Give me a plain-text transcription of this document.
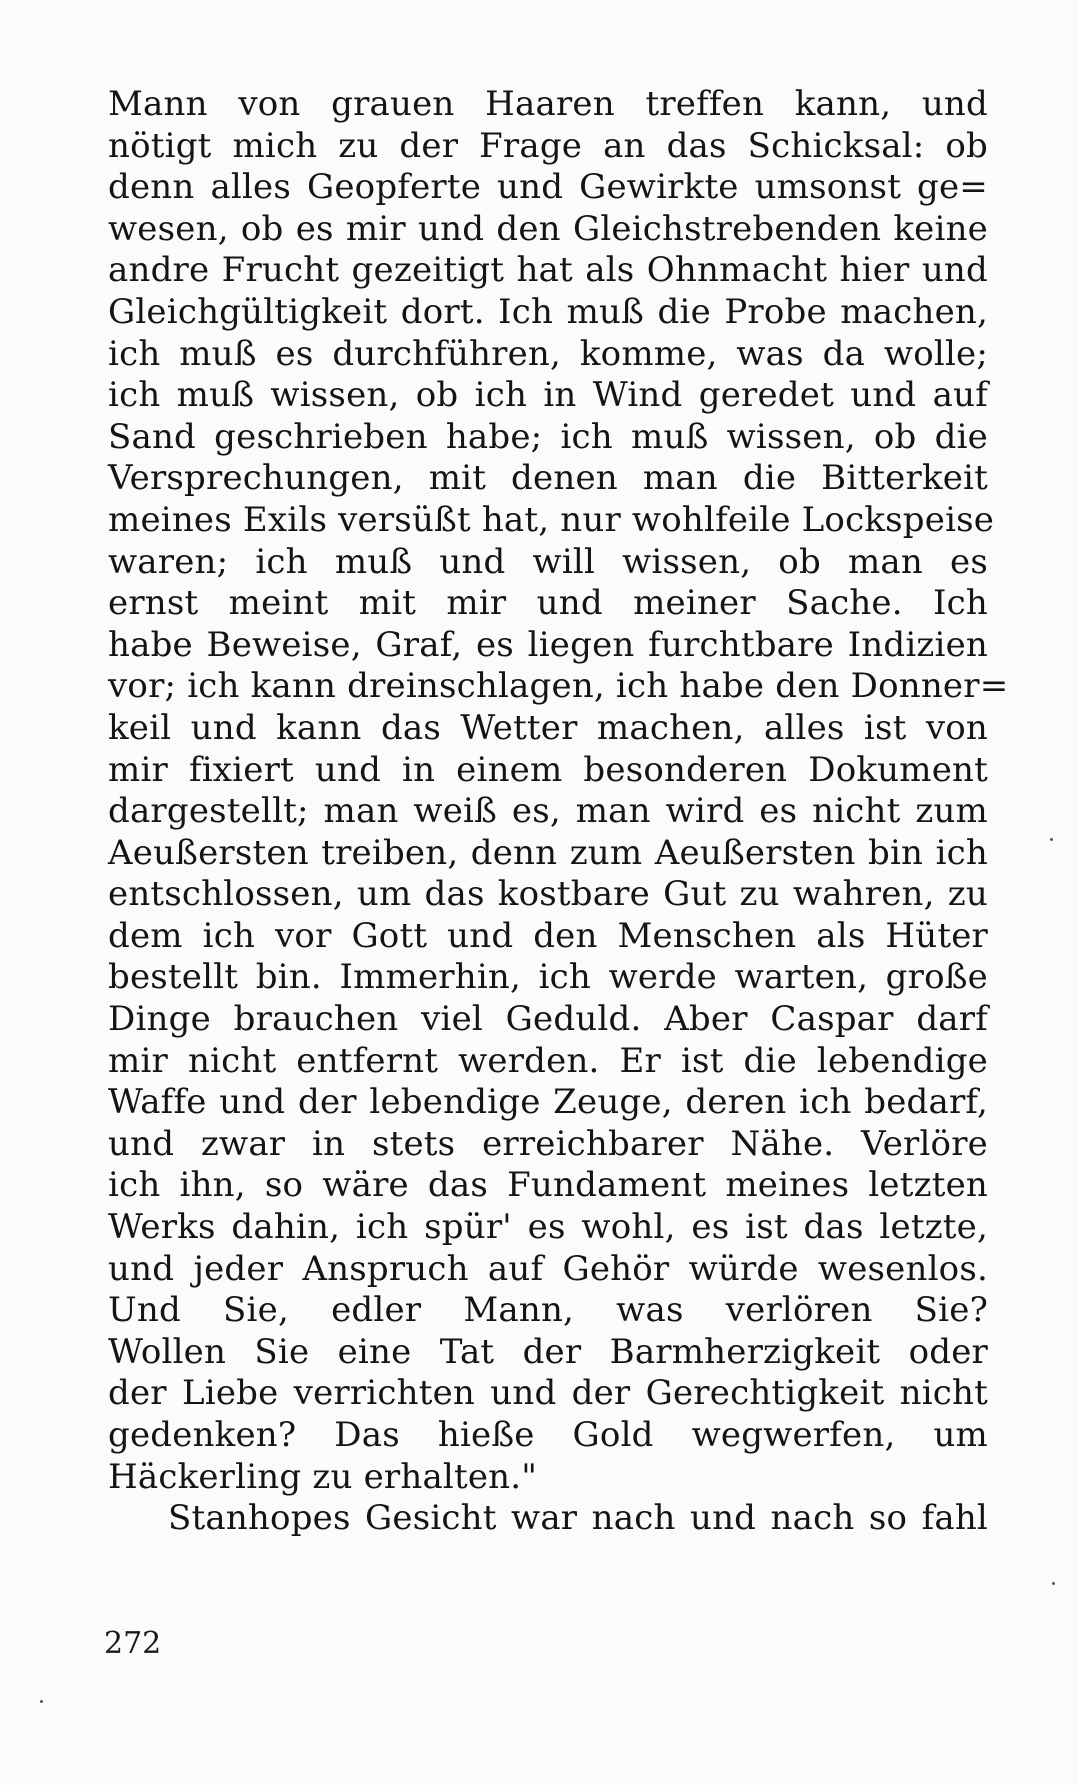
Mann von grauen Haaren treffen kann, und
nötigt mich zu der Frage an das Schicksal: ob
denn alles Geopferte und Gewirkte umsonst ge=
wesen, ob es mir und den Gleichstrebenden keine
andre Frucht gezeitigt hat als Ohnmacht hier und
Gleichgültigkeit dort. Ich muß die Probe machen,
ich muß es durchführen, komme, was da wolle;
ich muß wissen, ob ich in Wind geredet und auf
Sand geschrieben habe; ich muß wissen, ob die
Versprechungen, mit denen man die Bitterkeit
meines Exils versüßt hat, nur wohlfeile Lockspeise
waren; ich muß und will wissen, ob man es
ernst meint mit mir und meiner Sache. Ich
habe Beweise, Graf, es liegen furchtbare Indizien
vor; ich kann dreinschlagen, ich habe den Donner=
keil und kann das Wetter machen, alles ist von
mir fixiert und in einem besonderen Dokument
dargestellt; man weiß es, man wird es nicht zum
Aeußersten treiben, denn zum Aeußersten bin ich
entschlossen, um das kostbare Gut zu wahren, zu
dem ich vor Gott und den Menschen als Hüter
bestellt bin. Immerhin, ich werde warten, große
Dinge brauchen viel Geduld. Aber Caspar darf
mir nicht entfernt werden. Er ist die lebendige
Waffe und der lebendige Zeuge, deren ich bedarf,
und zwar in stets erreichbarer Nähe. Verlöre
ich ihn, so wäre das Fundament meines letzten
Werks dahin, ich spür' es wohl, es ist das letzte,
und jeder Anspruch auf Gehör würde wesenlos.
Und Sie, edler Mann, was verlören Sie?
Wollen Sie eine Tat der Barmherzigkeit oder
der Liebe verrichten und der Gerechtigkeit nicht
gedenken? Das hieße Gold wegwerfen, um
Häckerling zu erhalten."
Stanhopes Gesicht war nach und nach so fahl
272
